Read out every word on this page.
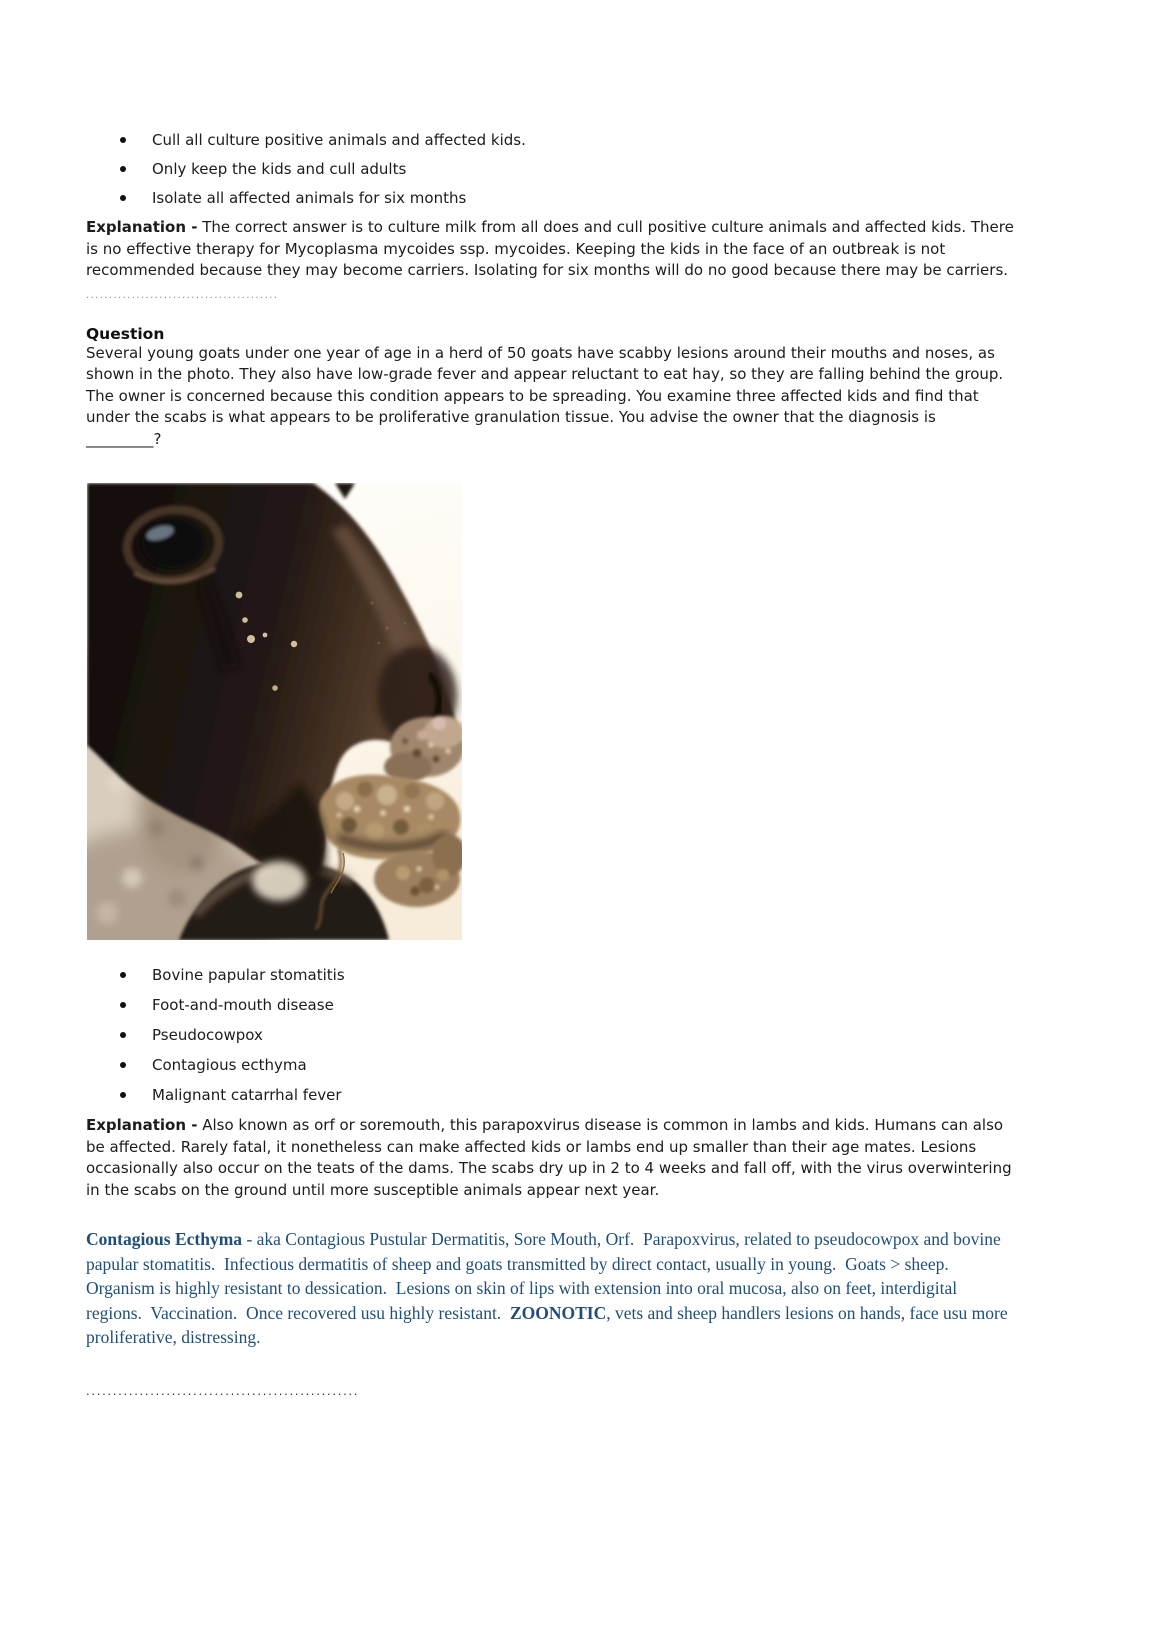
Cull all culture positive animals and affected kids.
Only keep the kids and cull adults
Isolate all affected animals for six months

Explanation - The correct answer is to culture milk from all does and cull positive culture animals and affected kids. There is no effective therapy for Mycoplasma mycoides ssp. mycoides. Keeping the kids in the face of an outbreak is not recommended because they may become carriers. Isolating for six months will do no good because there may be carriers.

..........................................
Question

Several young goats under one year of age in a herd of 50 goats have scabby lesions around their mouths and noses, as shown in the photo. They also have low-grade fever and appear reluctant to eat hay, so they are falling behind the group. The owner is concerned because this condition appears to be spreading. You examine three affected kids and find that under the scabs is what appears to be proliferative granulation tissue. You advise the owner that the diagnosis is _________?

Bovine papular stomatitis
Foot-and-mouth disease
Pseudocowpox
Contagious ecthyma
Malignant catarrhal fever

Explanation - Also known as orf or soremouth, this parapoxvirus disease is common in lambs and kids. Humans can also be affected. Rarely fatal, it nonetheless can make affected kids or lambs end up smaller than their age mates. Lesions occasionally also occur on the teats of the dams. The scabs dry up in 2 to 4 weeks and fall off, with the virus overwintering in the scabs on the ground until more susceptible animals appear next year.

Contagious Ecthyma - aka Contagious Pustular Dermatitis, Sore Mouth, Orf.  Parapoxvirus, related to pseudocowpox and bovine papular stomatitis.  Infectious dermatitis of sheep and goats transmitted by direct contact, usually in young.  Goats > sheep.  Organism is highly resistant to dessication.  Lesions on skin of lips with extension into oral mucosa, also on feet, interdigital regions.  Vaccination.  Once recovered usu highly resistant.  ZOONOTIC, vets and sheep handlers lesions on hands, face usu more proliferative, distressing.

...................................................
